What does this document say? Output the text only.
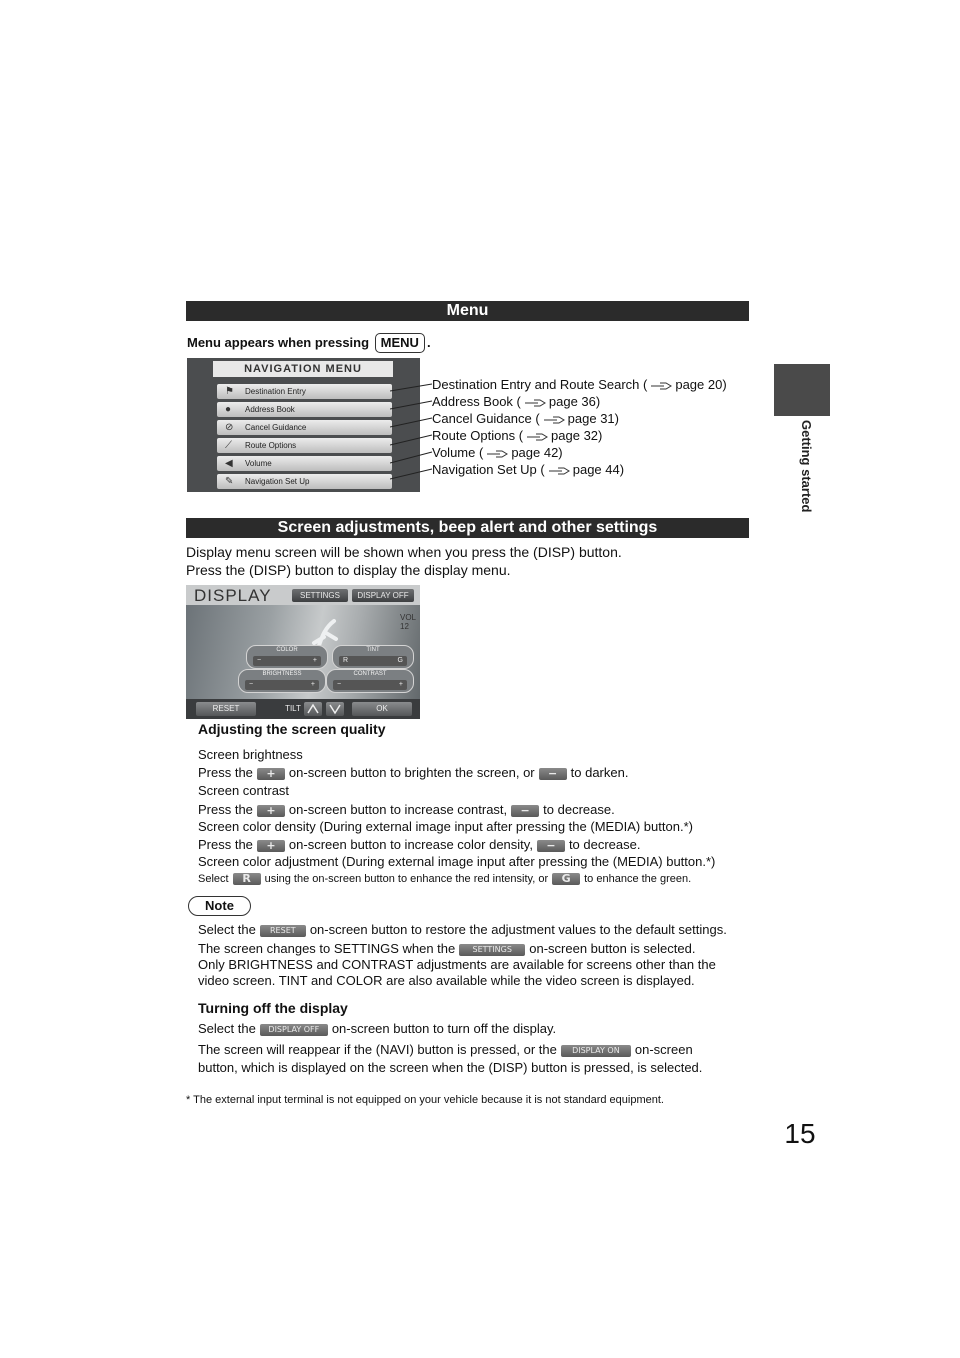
Getting started
15
Menu
Menu appears when pressing MENU .
NAVIGATION MENU
⚑	Destination Entry
●	Address Book
⊘	Cancel Guidance
⟋	Route Options
◀	Volume
✎	Navigation Set Up
Destination Entry and Route Search ( page 20)
Address Book ( page 36)
Cancel Guidance ( page 31)
Route Options ( page 32)
Volume ( page 42)
Navigation Set Up ( page 44)
Screen adjustments, beep alert and other settings
Display menu screen will be shown when you press the (DISP) button.
Press the (DISP) button to display the display menu.
DISPLAY	SETTINGS	DISPLAY OFF
VOL
12
COLOR
−	+
TINT
R	G
BRIGHTNESS
−	+
CONTRAST
−	+
RESET	TILT	OK
Adjusting the screen quality
Screen brightness
Press the + on-screen button to brighten the screen, or − to darken.
Screen contrast
Press the + on-screen button to increase contrast, − to decrease.
Screen color density (During external image input after pressing the (MEDIA) button.*)
Press the + on-screen button to increase color density, − to decrease.
Screen color adjustment (During external image input after pressing the (MEDIA) button.*)
Select R using the on-screen button to enhance the red intensity, or G to enhance the green.
Note
Select the RESET on-screen button to restore the adjustment values to the default settings.
The screen changes to SETTINGS when the SETTINGS on-screen button is selected.
Only BRIGHTNESS and CONTRAST adjustments are available for screens other than the
video screen. TINT and COLOR are also available while the video screen is displayed.
Turning off the display
Select the DISPLAY OFF on-screen button to turn off the display.
The screen will reappear if the (NAVI) button is pressed, or the DISPLAY ON on-screen
button, which is displayed on the screen when the (DISP) button is pressed, is selected.
* The external input terminal is not equipped on your vehicle because it is not standard equipment.
